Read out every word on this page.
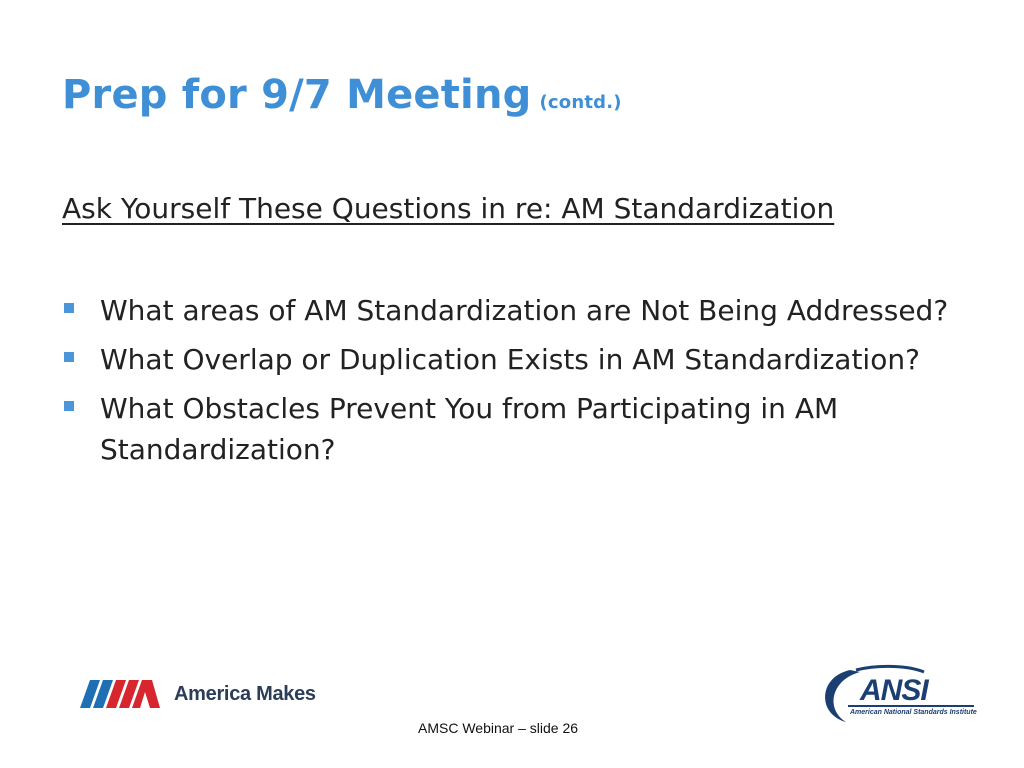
Prep for 9/7 Meeting (contd.)
Ask Yourself These Questions in re: AM Standardization
What areas of AM Standardization are Not Being Addressed?
What Overlap or Duplication Exists in AM Standardization?
What Obstacles Prevent You from Participating in AM Standardization?
America Makes
AMSC Webinar – slide 26
ANSI
American National Standards Institute
